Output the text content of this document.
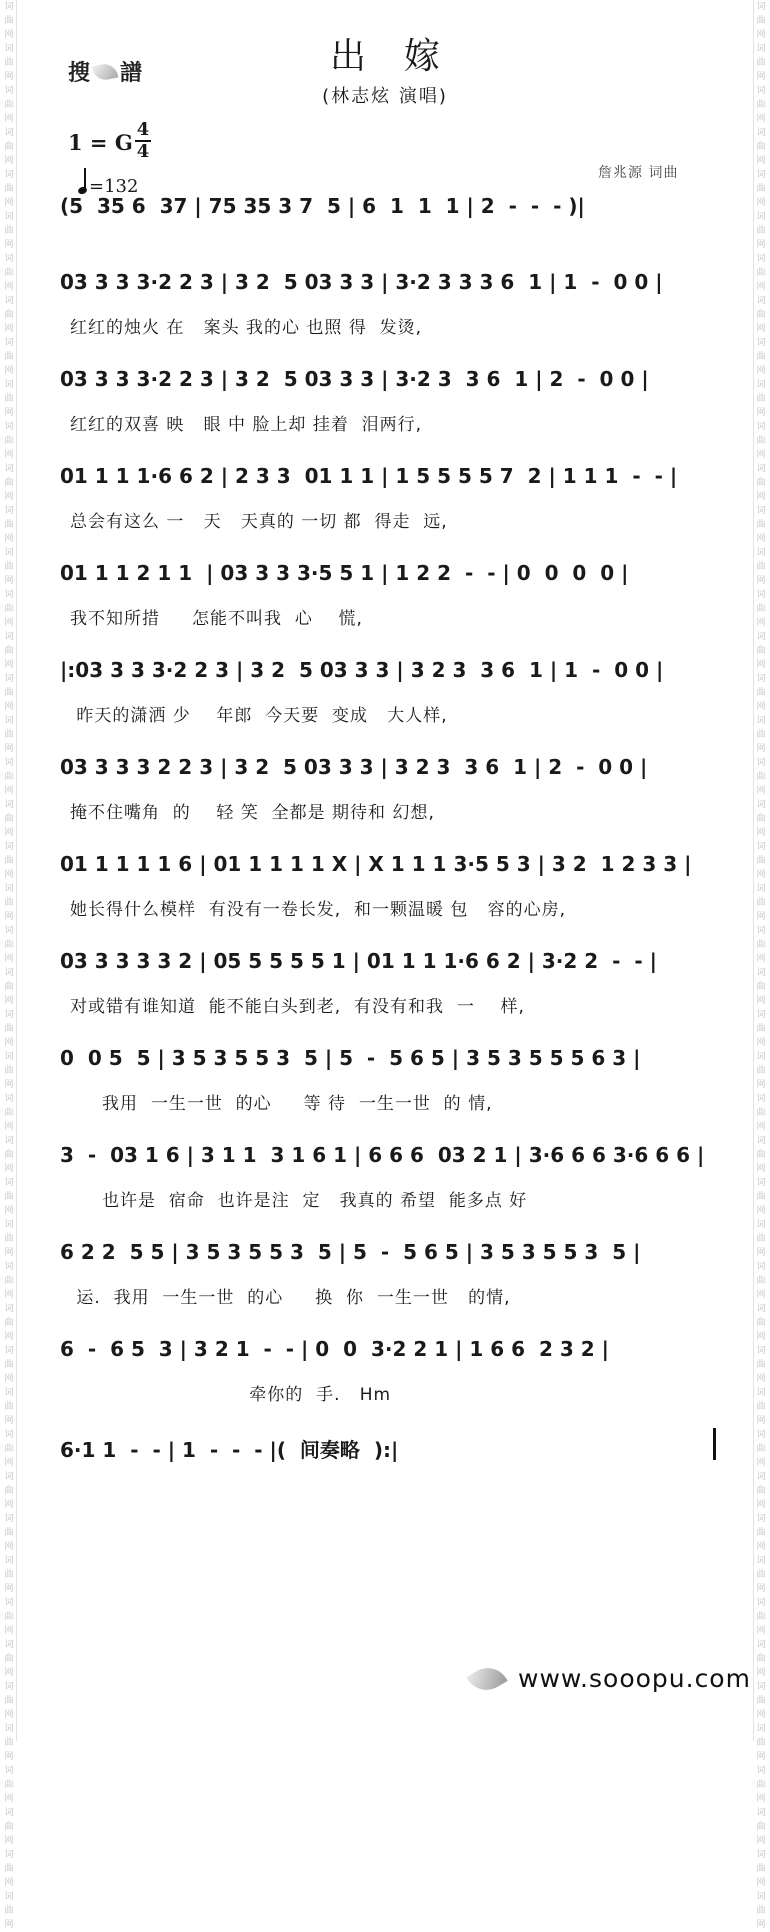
词曲网词曲网词曲网词曲网词曲网词曲网词曲网词曲网词曲网词曲网词曲网词曲网词曲网词曲网词曲网词曲网词曲网词曲网词曲网词曲网词曲网词曲网词曲网词曲网词曲网词曲网词曲网词曲网词曲网词曲网词曲网词曲网词曲网词曲网词曲网词曲网词曲网词曲网词曲网词曲网词曲网词曲网词曲网词曲网词曲网词曲网
词曲网词曲网词曲网词曲网词曲网词曲网词曲网词曲网词曲网词曲网词曲网词曲网词曲网词曲网词曲网词曲网词曲网词曲网词曲网词曲网词曲网词曲网词曲网词曲网词曲网词曲网词曲网词曲网词曲网词曲网词曲网词曲网词曲网词曲网词曲网词曲网词曲网词曲网词曲网词曲网词曲网词曲网词曲网词曲网词曲网词曲网
搜 譜	出嫁
(林志炫 演唱)
1 = G
4
4
=132
詹兆源 词曲
(5  35 6  37 | 75 35 3 7  5 | 6  1  1  1 | 2  -  -  - )|
03 3 3 3·2 2 3 | 3 2  5 03 3 3 | 3·2 3 3 3 6  1 | 1  -  0 0 |
红红的烛火 在   案头 我的心 也照 得  发烫,
03 3 3 3·2 2 3 | 3 2  5 03 3 3 | 3·2 3  3 6  1 | 2  -  0 0 |
红红的双喜 映   眼 中 脸上却 挂着  泪两行,
01 1 1 1·6 6 2 | 2 3 3  01 1 1 | 1 5 5 5 5 7  2 | 1 1 1  -  - |
总会有这么 一   天   天真的 一切 都  得走  远,
01 1 1 2 1 1  | 03 3 3 3·5 5 1 | 1 2 2  -  - | 0  0  0  0 |
我不知所措     怎能不叫我  心    慌,
|:03 3 3 3·2 2 3 | 3 2  5 03 3 3 | 3 2 3  3 6  1 | 1  -  0 0 |
昨天的潇洒 少    年郎  今天要  变成   大人样,
03 3 3 3 2 2 3 | 3 2  5 03 3 3 | 3 2 3  3 6  1 | 2  -  0 0 |
掩不住嘴角  的    轻 笑  全都是 期待和 幻想,
01 1 1 1 1 6 | 01 1 1 1 1 X | X 1 1 1 3·5 5 3 | 3 2  1 2 3 3 |
她长得什么模样  有没有一卷长发,  和一颗温暖 包   容的心房,
03 3 3 3 3 2 | 05 5 5 5 5 1 | 01 1 1 1·6 6 2 | 3·2 2  -  - |
对或错有谁知道  能不能白头到老,  有没有和我  一    样,
0  0 5  5 | 3 5 3 5 5 3  5 | 5  -  5 6 5 | 3 5 3 5 5 5 6 3 |
我用  一生一世  的心     等 待  一生一世  的 情,
3  -  03 1 6 | 3 1 1  3 1 6 1 | 6 6 6  03 2 1 | 3·6 6 6 3·6 6 6 |
也许是  宿命  也许是注  定   我真的 希望  能多点 好
6 2 2  5 5 | 3 5 3 5 5 3  5 | 5  -  5 6 5 | 3 5 3 5 5 3  5 |
运.  我用  一生一世  的心     换  你  一生一世   的情,
6  -  6 5  3 | 3 2 1  -  - | 0  0  3·2 2 1 | 1 6 6  2 3 2 |
牵你的  手.   Hm
6·1 1  -  - | 1  -  -  - |(  间奏略  ):|
www.sooopu.com
